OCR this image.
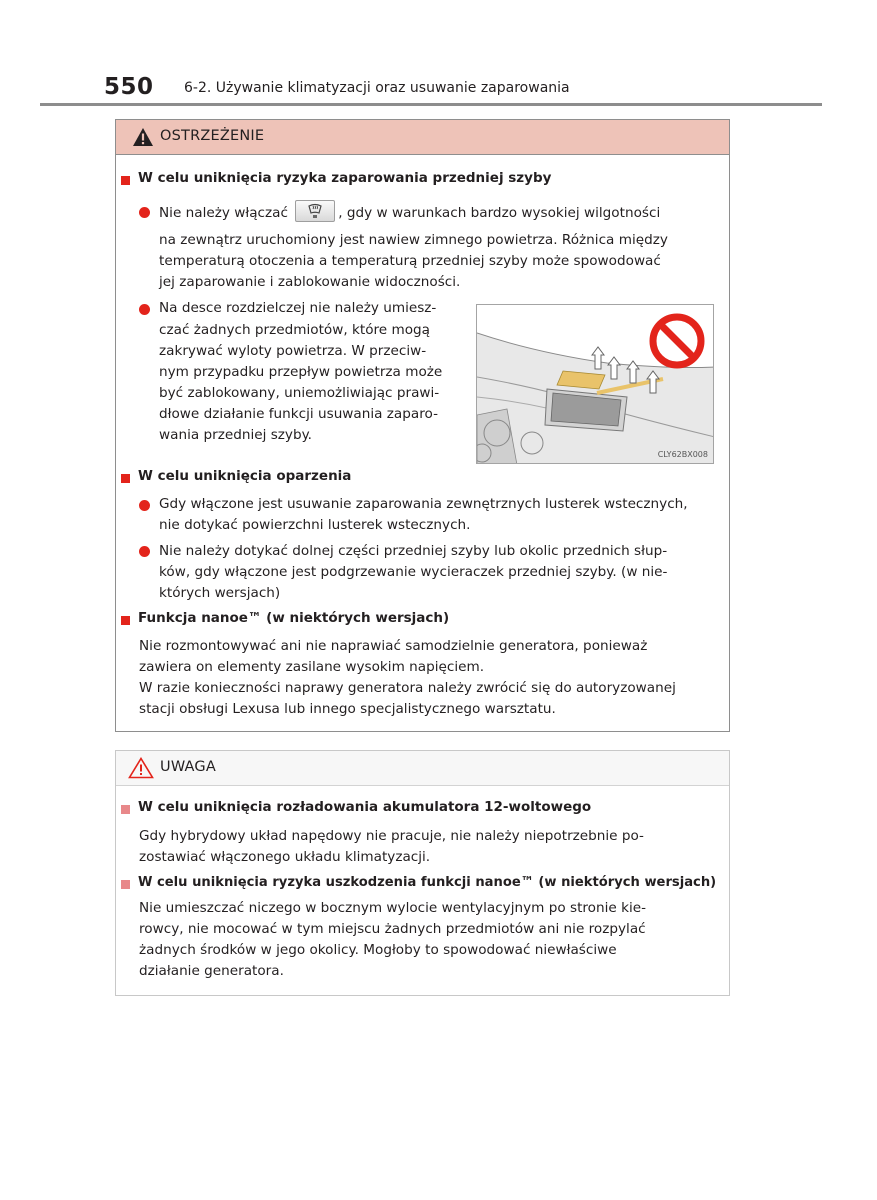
550 6-2. Używanie klimatyzacji oraz usuwanie zaparowania
OSTRZEŻENIE
W celu uniknięcia ryzyka zaparowania przedniej szyby
Nie należy włączać	, gdy w warunkach bardzo wysokiej wilgotności
na zewnątrz uruchomiony jest nawiew zimnego powietrza. Różnica między
temperaturą otoczenia a temperaturą przedniej szyby może spowodować
jej zaparowanie i zablokowanie widoczności.
Na desce rozdzielczej nie należy umiesz-
czać żadnych przedmiotów, które mogą
zakrywać wyloty powietrza. W przeciw-
nym przypadku przepływ powietrza może
być zablokowany, uniemożliwiając prawi-
dłowe działanie funkcji usuwania zaparo-
wania przedniej szyby.
CLY62BX008
W celu uniknięcia oparzenia
Gdy włączone jest usuwanie zaparowania zewnętrznych lusterek wstecznych,
nie dotykać powierzchni lusterek wstecznych.
Nie należy dotykać dolnej części przedniej szyby lub okolic przednich słup-
ków, gdy włączone jest podgrzewanie wycieraczek przedniej szyby. (w nie-
których wersjach)
Funkcja nanoe™ (w niektórych wersjach)
Nie rozmontowywać ani nie naprawiać samodzielnie generatora, ponieważ
zawiera on elementy zasilane wysokim napięciem.
W razie konieczności naprawy generatora należy zwrócić się do autoryzowanej
stacji obsługi Lexusa lub innego specjalistycznego warsztatu.
UWAGA
W celu uniknięcia rozładowania akumulatora 12-woltowego
Gdy hybrydowy układ napędowy nie pracuje, nie należy niepotrzebnie po-
zostawiać włączonego układu klimatyzacji.
W celu uniknięcia ryzyka uszkodzenia funkcji nanoe™ (w niektórych wersjach)
Nie umieszczać niczego w bocznym wylocie wentylacyjnym po stronie kie-
rowcy, nie mocować w tym miejscu żadnych przedmiotów ani nie rozpylać
żadnych środków w jego okolicy. Mogłoby to spowodować niewłaściwe
działanie generatora.
